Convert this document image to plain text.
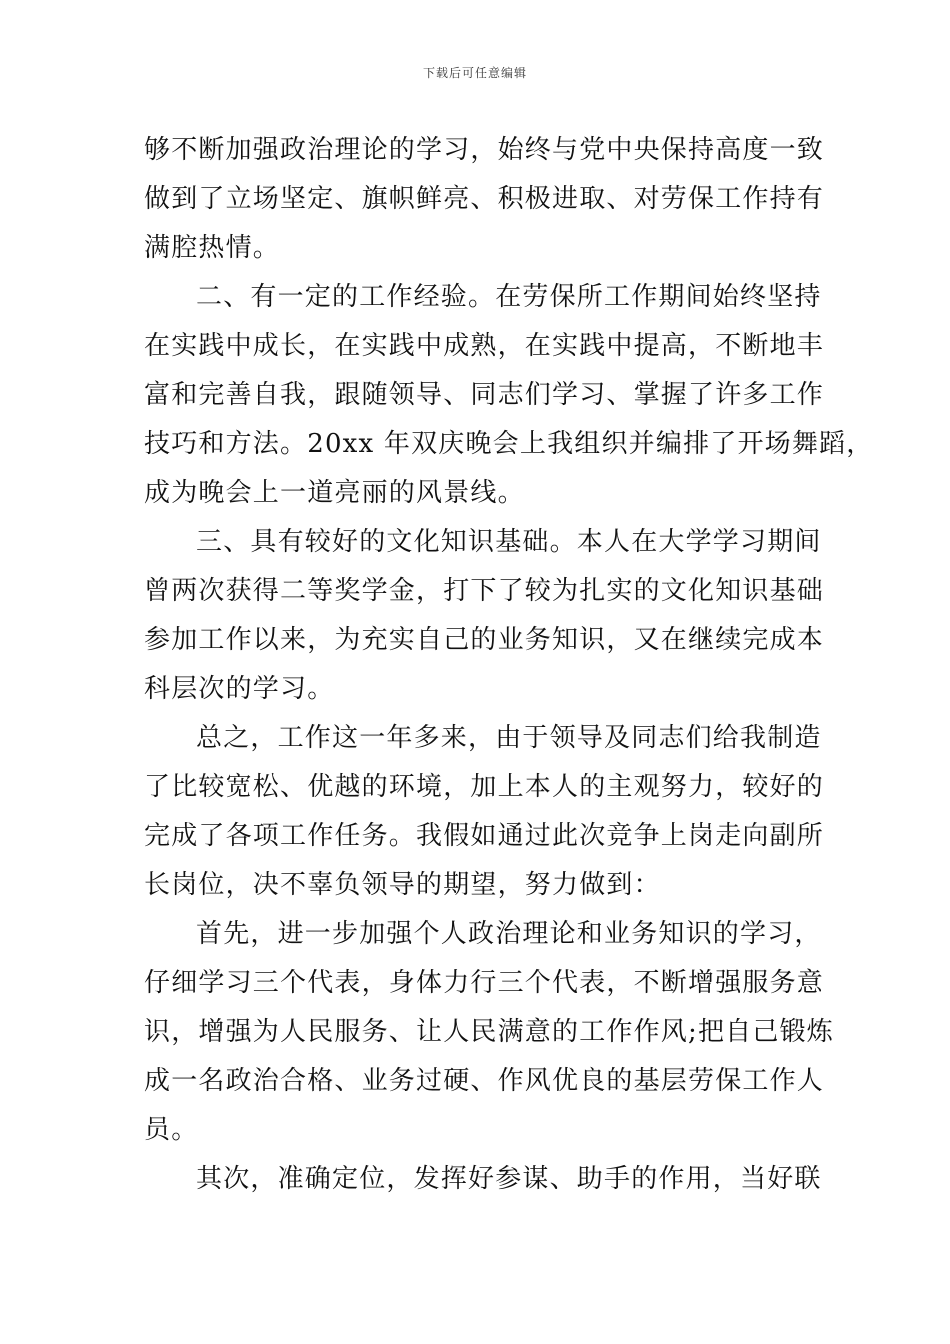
下载后可任意编辑
够不断加强政治理论的学习，始终与党中央保持高度一致
做到了立场坚定、旗帜鲜亮、积极进取、对劳保工作持有
满腔热情。
二、有一定的工作经验。在劳保所工作期间始终坚持
在实践中成长，在实践中成熟，在实践中提高，不断地丰
富和完善自我，跟随领导、同志们学习、掌握了许多工作
技巧和方法。20xx 年双庆晚会上我组织并编排了开场舞蹈，
成为晚会上一道亮丽的风景线。
三、具有较好的文化知识基础。本人在大学学习期间
曾两次获得二等奖学金，打下了较为扎实的文化知识基础
参加工作以来，为充实自己的业务知识，又在继续完成本
科层次的学习。
总之，工作这一年多来，由于领导及同志们给我制造
了比较宽松、优越的环境，加上本人的主观努力，较好的
完成了各项工作任务。我假如通过此次竞争上岗走向副所
长岗位，决不辜负领导的期望，努力做到：
首先，进一步加强个人政治理论和业务知识的学习，
仔细学习三个代表，身体力行三个代表，不断增强服务意
识，增强为人民服务、让人民满意的工作作风;把自己锻炼
成一名政治合格、业务过硬、作风优良的基层劳保工作人
员。
其次，准确定位，发挥好参谋、助手的作用，当好联
